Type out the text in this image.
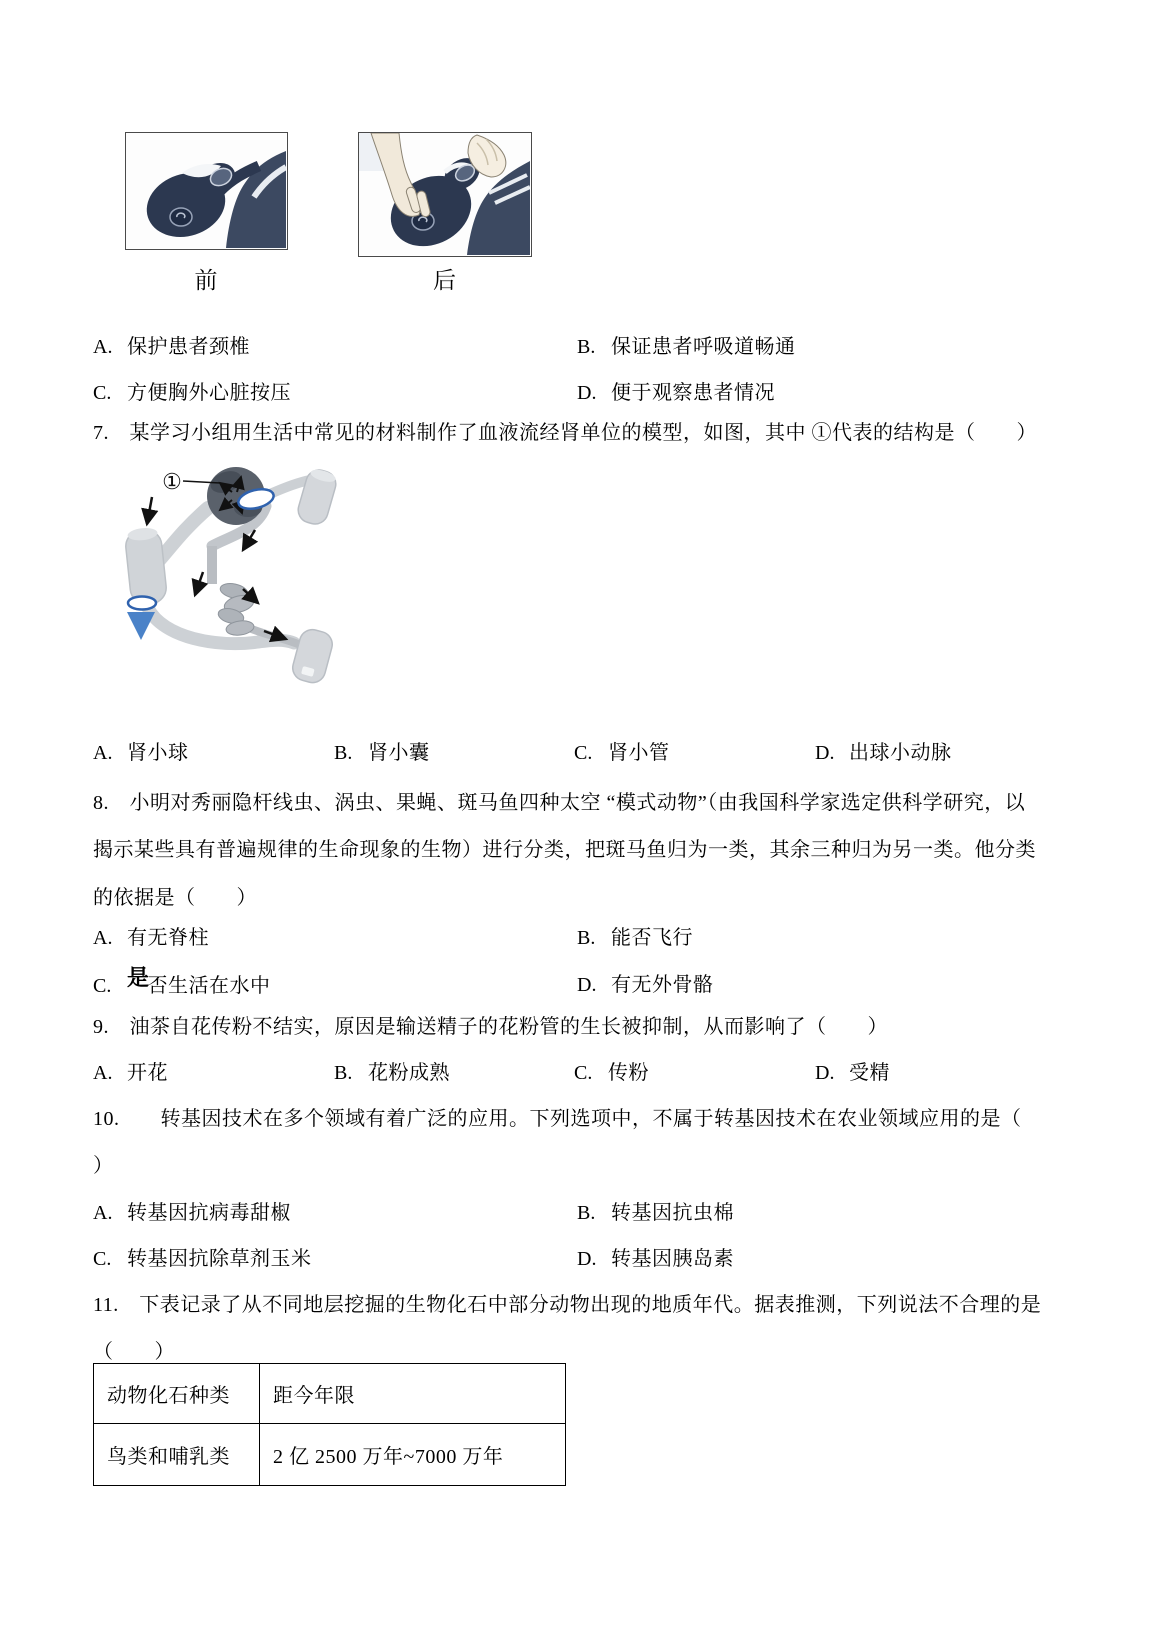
前	后
A. 保护患者颈椎	B. 保证患者呼吸道畅通
C. 方便胸外心脏按压	D. 便于观察患者情况
7.　某学习小组用生活中常见的材料制作了血液流经肾单位的模型，如图，其中 ①代表的结构是（　　）
①
A. 肾小球	B. 肾小囊	C. 肾小管	D. 出球小动脉
8.　小明对秀丽隐杆线虫、涡虫、果蝇、斑马鱼四种太空 “模式动物”（由我国科学家选定供科学研究，以
揭示某些具有普遍规律的生命现象的生物）进行分类，把斑马鱼归为一类，其余三种归为另一类。他分类
的依据是（　　）
A. 有无脊柱	B. 能否飞行
C. 是否生活在水中	D. 有无外骨骼
9.　油茶自花传粉不结实，原因是输送精子的花粉管的生长被抑制，从而影响了（　　）
A. 开花	B. 花粉成熟	C. 传粉	D. 受精
10.　　转基因技术在多个领域有着广泛的应用。下列选项中，不属于转基因技术在农业领域应用的是（
）
A. 转基因抗病毒甜椒	B. 转基因抗虫棉
C. 转基因抗除草剂玉米	D. 转基因胰岛素
11.　下表记录了从不同地层挖掘的生物化石中部分动物出现的地质年代。据表推测，下列说法不合理的是
（　　）
动物化石种类	距今年限
鸟类和哺乳类	2 亿 2500 万年~7000 万年
